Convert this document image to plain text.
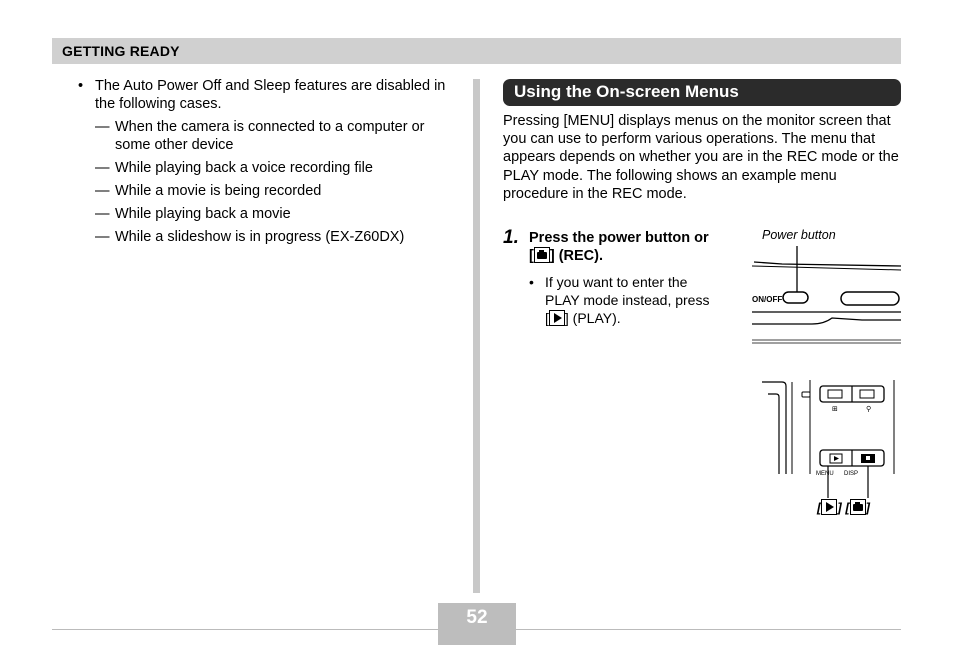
GETTING READY
• The Auto Power Off and Sleep features are disabled in the following cases.
— When the camera is connected to a computer or some other device
— While playing back a voice recording file
— While a movie is being recorded
— While playing back a movie
— While a slideshow is in progress (EX-Z60DX)
Using the On-screen Menus
Pressing [MENU] displays menus on the monitor screen that you can use to perform various operations. The menu that appears depends on whether you are in the REC mode or the PLAY mode. The following shows an example menu procedure in the REC mode.
1. Press the power button or [ ] (REC).
• If you want to enter the PLAY mode instead, press [ ] (PLAY).
Power button
ON/OFF
⊞	⚲
MENU DISP
[ ] [ ]
52
